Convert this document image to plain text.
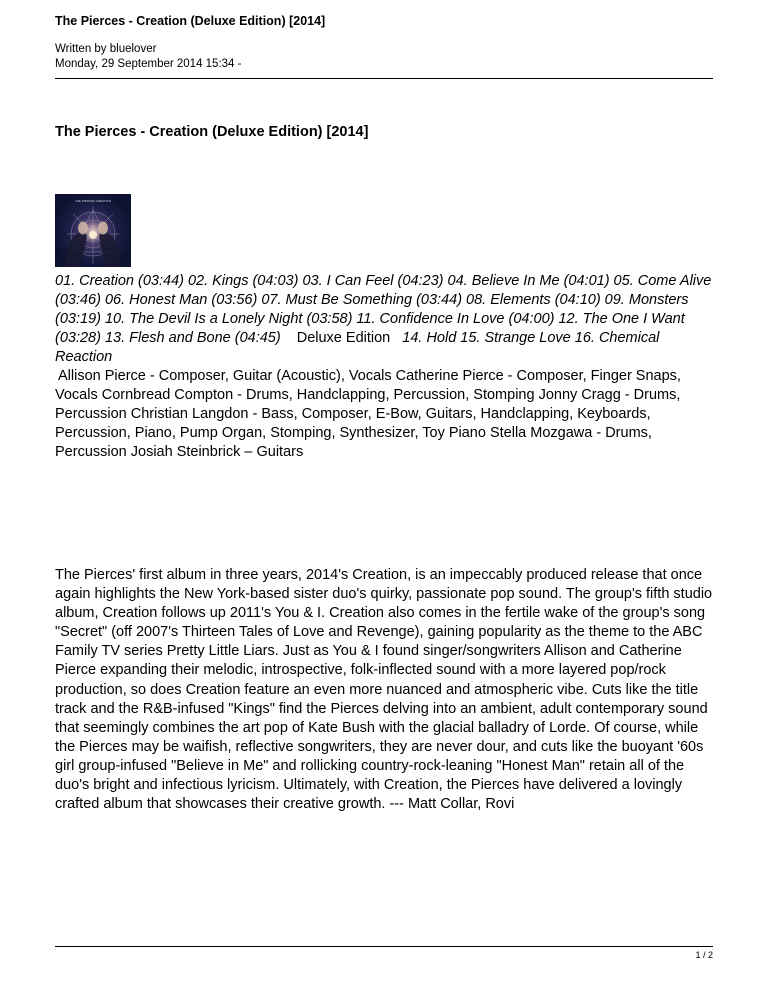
The Pierces - Creation (Deluxe Edition) [2014]
Written by bluelover
Monday, 29 September 2014 15:34 -
The Pierces - Creation (Deluxe Edition) [2014]
THE PIERCES CREATION
01. Creation (03:44) 02. Kings (04:03) 03. I Can Feel (04:23) 04. Believe In Me (04:01) 05. Come Alive (03:46) 06. Honest Man (03:56) 07. Must Be Something (03:44) 08. Elements (04:10) 09. Monsters (03:19) 10. The Devil Is a Lonely Night (03:58) 11. Confidence In Love (04:00) 12. The One I Want (03:28) 13. Flesh and Bone (04:45) Deluxe Edition 14. Hold 15. Strange Love 16. Chemical Reaction
Allison Pierce - Composer, Guitar (Acoustic), Vocals Catherine Pierce - Composer, Finger Snaps, Vocals Cornbread Compton - Drums, Handclapping, Percussion, Stomping Jonny Cragg - Drums, Percussion Christian Langdon - Bass, Composer, E-Bow, Guitars, Handclapping, Keyboards, Percussion, Piano, Pump Organ, Stomping, Synthesizer, Toy Piano Stella Mozgawa - Drums, Percussion Josiah Steinbrick – Guitars
The Pierces' first album in three years, 2014's Creation, is an impeccably produced release that once again highlights the New York-based sister duo's quirky, passionate pop sound. The group's fifth studio album, Creation follows up 2011's You & I. Creation also comes in the fertile wake of the group's song "Secret" (off 2007's Thirteen Tales of Love and Revenge), gaining popularity as the theme to the ABC Family TV series Pretty Little Liars. Just as You & I found singer/songwriters Allison and Catherine Pierce expanding their melodic, introspective, folk-inflected sound with a more layered pop/rock production, so does Creation feature an even more nuanced and atmospheric vibe. Cuts like the title track and the R&B-infused "Kings" find the Pierces delving into an ambient, adult contemporary sound that seemingly combines the art pop of Kate Bush with the glacial balladry of Lorde. Of course, while the Pierces may be waifish, reflective songwriters, they are never dour, and cuts like the buoyant '60s girl group-infused "Believe in Me" and rollicking country-rock-leaning "Honest Man" retain all of the duo's bright and infectious lyricism. Ultimately, with Creation, the Pierces have delivered a lovingly crafted album that showcases their creative growth. --- Matt Collar, Rovi
1 / 2
